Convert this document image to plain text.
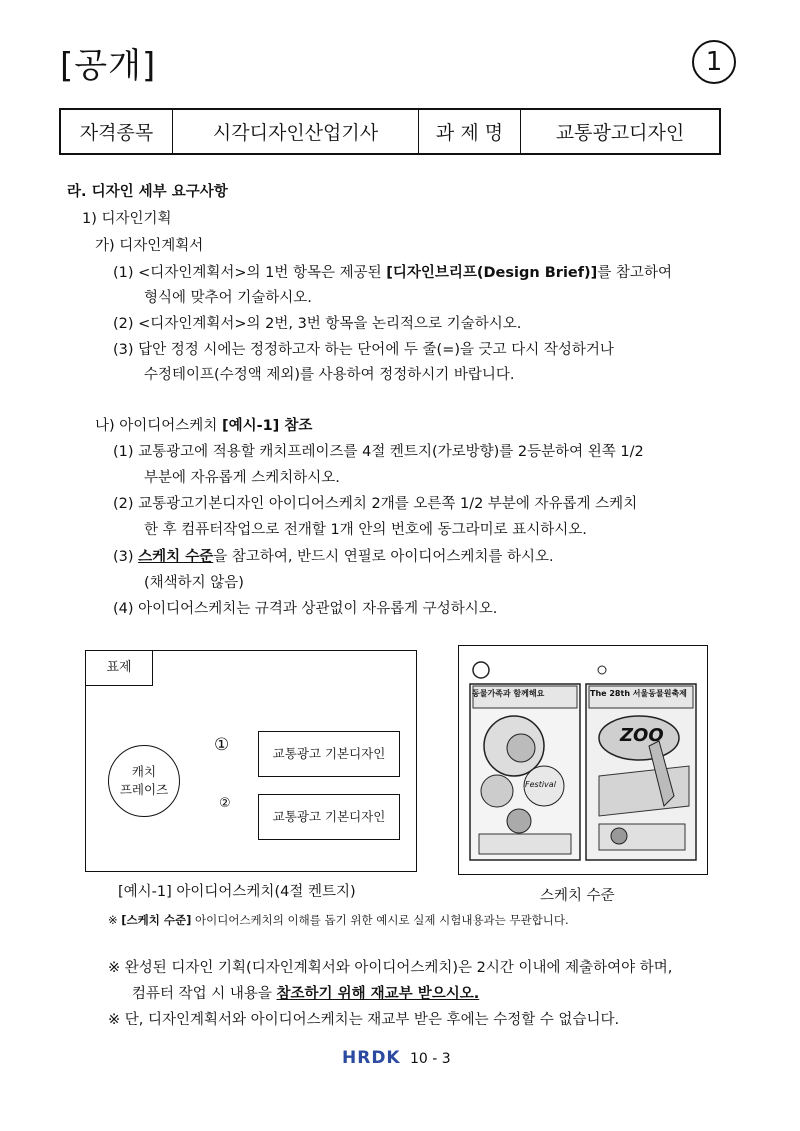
[공개]	1
자격종목	시각디자인산업기사	과 제 명	교통광고디자인
라. 디자인 세부 요구사항
1) 디자인기획
가) 디자인계획서
(1) <디자인계획서>의 1번 항목은 제공된 [디자인브리프(Design Brief)]를 참고하여
형식에 맞추어 기술하시오.
(2) <디자인계획서>의 2번, 3번 항목을 논리적으로 기술하시오.
(3) 답안 정정 시에는 정정하고자 하는 단어에 두 줄(=)을 긋고 다시 작성하거나
수정테이프(수정액 제외)를 사용하여 정정하시기 바랍니다.
나) 아이디어스케치 [예시-1] 참조
(1) 교통광고에 적용할 캐치프레이즈를 4절 켄트지(가로방향)를 2등분하여 왼쪽 1/2
부분에 자유롭게 스케치하시오.
(2) 교통광고기본디자인 아이디어스케치 2개를 오른쪽 1/2 부분에 자유롭게 스케치
한 후 컴퓨터작업으로 전개할 1개 안의 번호에 동그라미로 표시하시오.
(3) 스케치 수준을 참고하여, 반드시 연필로 아이디어스케치를 하시오.
(채색하지 않음)
(4) 아이디어스케치는 규격과 상관없이 자유롭게 구성하시오.
표제
캐치
프레이즈
①
②
교통광고 기본디자인
교통광고 기본디자인
[예시-1] 아이디어스케치(4절 켄트지)
동물가족과 함께해요	The 28th 서울동물원축제
ZOO
Festival
스케치 수준
※ [스케치 수준] 아이디어스케치의 이해를 돕기 위한 예시로 실제 시험내용과는 무관합니다.
※ 완성된 디자인 기획(디자인계획서와 아이디어스케치)은 2시간 이내에 제출하여야 하며,
컴퓨터 작업 시 내용을 참조하기 위해 재교부 받으시오.
※ 단, 디자인계획서와 아이디어스케치는 재교부 받은 후에는 수정할 수 없습니다.
HRDK 10 - 3
